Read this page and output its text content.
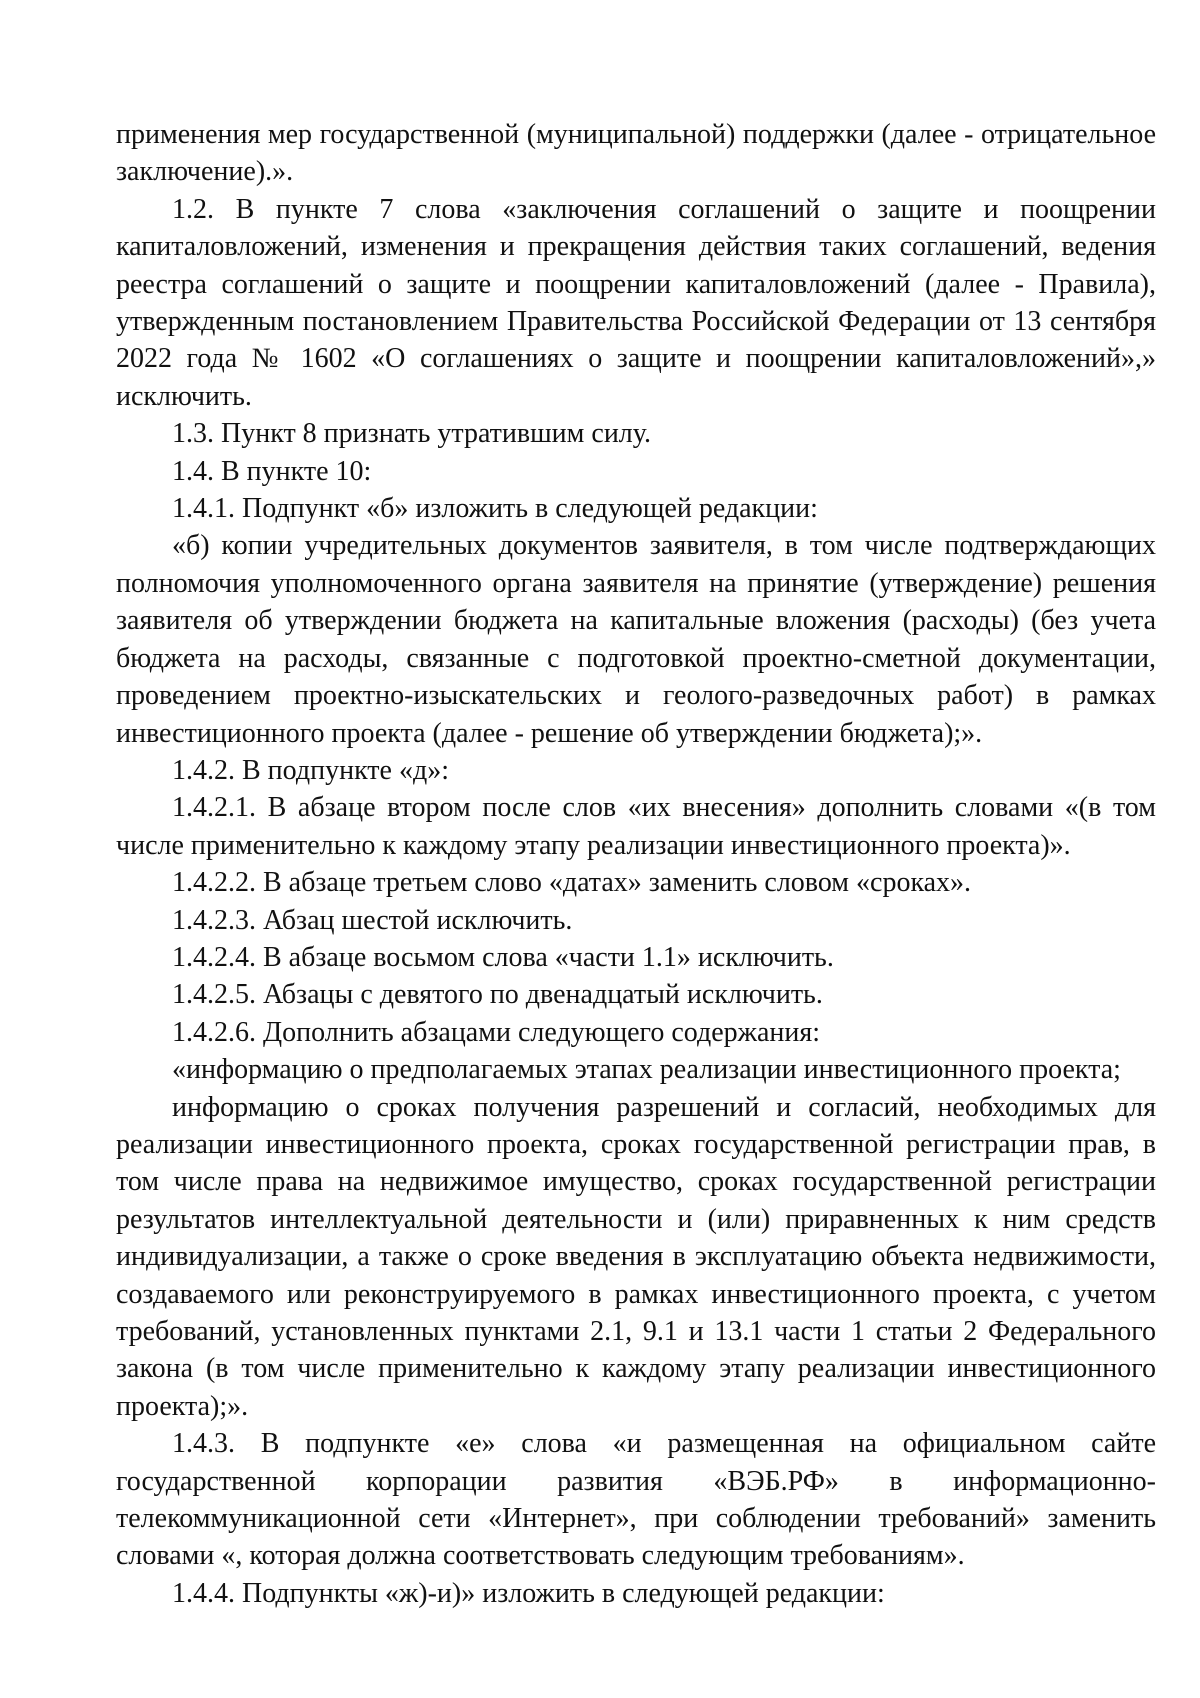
применения мер государственной (муниципальной) поддержки (далее - отрицательное заключение).».

1.2. В пункте 7 слова «заключения соглашений о защите и поощрении капиталовложений, изменения и прекращения действия таких соглашений, ведения реестра соглашений о защите и поощрении капиталовложений (далее - Правила), утвержденным постановлением Правительства Российской Федерации от 13 сентября 2022 года № 1602 «О соглашениях о защите и поощрении капиталовложений»,» исключить.

1.3. Пункт 8 признать утратившим силу.

1.4. В пункте 10:

1.4.1. Подпункт «б» изложить в следующей редакции:

«б) копии учредительных документов заявителя, в том числе подтверждающих полномочия уполномоченного органа заявителя на принятие (утверждение) решения заявителя об утверждении бюджета на капитальные вложения (расходы) (без учета бюджета на расходы, связанные с подготовкой проектно-сметной документации, проведением проектно-изыскательских и геолого-разведочных работ) в рамках инвестиционного проекта (далее - решение об утверждении бюджета);».

1.4.2. В подпункте «д»:

1.4.2.1. В абзаце втором после слов «их внесения» дополнить словами «(в том числе применительно к каждому этапу реализации инвестиционного проекта)».

1.4.2.2. В абзаце третьем слово «датах» заменить словом «сроках».

1.4.2.3. Абзац шестой исключить.

1.4.2.4. В абзаце восьмом слова «части 1.1» исключить.

1.4.2.5. Абзацы с девятого по двенадцатый исключить.

1.4.2.6. Дополнить абзацами следующего содержания:

«информацию о предполагаемых этапах реализации инвестиционного проекта;

информацию о сроках получения разрешений и согласий, необходимых для реализации инвестиционного проекта, сроках государственной регистрации прав, в том числе права на недвижимое имущество, сроках государственной регистрации результатов интеллектуальной деятельности и (или) приравненных к ним средств индивидуализации, а также о сроке введения в эксплуатацию объекта недвижимости, создаваемого или реконструируемого в рамках инвестиционного проекта, с учетом требований, установленных пунктами 2.1, 9.1 и 13.1 части 1 статьи 2 Федерального закона (в том числе применительно к каждому этапу реализации инвестиционного проекта);».

1.4.3. В подпункте «е» слова «и размещенная на официальном сайте государственной корпорации развития «ВЭБ.РФ» в информационно-телекоммуникационной сети «Интернет», при соблюдении требований» заменить словами «, которая должна соответствовать следующим требованиям».

1.4.4. Подпункты «ж)-и)» изложить в следующей редакции:
